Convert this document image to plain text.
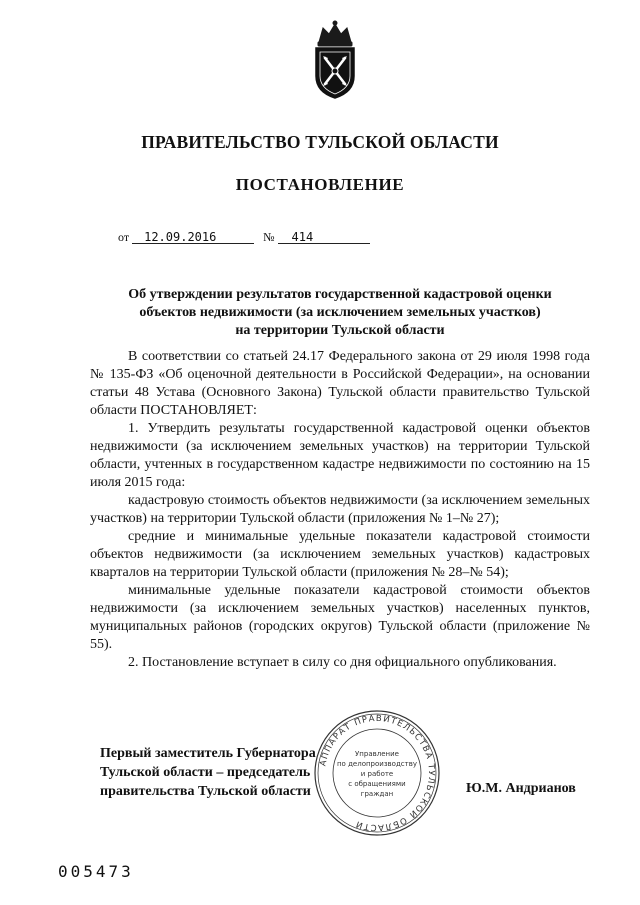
ПРАВИТЕЛЬСТВО ТУЛЬСКОЙ ОБЛАСТИ
ПОСТАНОВЛЕНИЕ
от 12.09.2016	№ 414
Об утверждении результатов государственной кадастровой оценки
объектов недвижимости (за исключением земельных участков)
на территории Тульской области

В соответствии со статьей 24.17 Федерального закона от 29 июля 1998 года № 135-ФЗ «Об оценочной деятельности в Российской Федерации», на основании статьи 48 Устава (Основного Закона) Тульской области правительство Тульской области ПОСТАНОВЛЯЕТ:

1. Утвердить результаты государственной кадастровой оценки объектов недвижимости (за исключением земельных участков) на территории Тульской области, учтенных в государственном кадастре недвижимости по состоянию на 15 июля 2015 года:

кадастровую стоимость объектов недвижимости (за исключением земельных участков) на территории Тульской области (приложения № 1–№ 27);

средние и минимальные удельные показатели кадастровой стоимости объектов недвижимости (за исключением земельных участков) кадастровых кварталов на территории Тульской области (приложения № 28–№ 54);

минимальные удельные показатели кадастровой стоимости объектов недвижимости (за исключением земельных участков) населенных пунктов, муниципальных районов (городских округов) Тульской области (приложение № 55).

2. Постановление вступает в силу со дня официального опубликования.

Первый заместитель Губернатора
Тульской области – председатель
правительства Тульской области	Ю.М. Андрианов
АППАРАТ ПРАВИТЕЛЬСТВА ТУЛЬСКОЙ ОБЛАСТИ
Управление
по делопроизводству
и работе
с обращениями
граждан
005473
